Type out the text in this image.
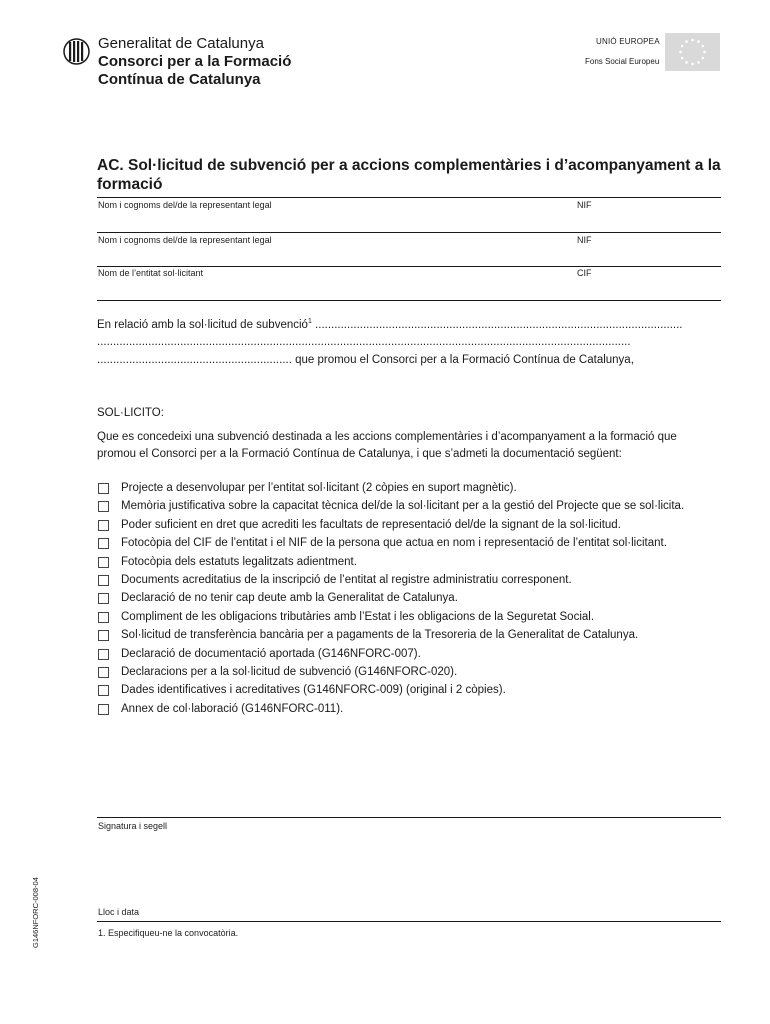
Generalitat de Catalunya
Consorci per a la Formació
Contínua de Catalunya
UNIÓ EUROPEA
Fons Social Europeu
AC. Sol·licitud de subvenció per a accions complementàries i d’acompanyament a la formació
Nom i cognoms del/de la representant legal	NIF
Nom i cognoms del/de la representant legal	NIF
Nom de l’entitat sol·licitant	CIF
En relació amb la sol·licitud de subvenció$^1$ ...................................................................................................................
.......................................................................................................................................................................
............................................................. que promou el Consorci per a la Formació Contínua de Catalunya,
SOL·LICITO:
Que es concedeixi una subvenció destinada a les accions complementàries i d’acompanyament a la formació que promou el Consorci per a la Formació Contínua de Catalunya, i que s’admeti la documentació següent:
Projecte a desenvolupar per l’entitat sol·licitant (2 còpies en suport magnètic).
Memòria justificativa sobre la capacitat tècnica del/de la sol·licitant per a la gestió del Projecte que se sol·licita.
Poder suficient en dret que acrediti les facultats de representació del/de la signant de la sol·licitud.
Fotocòpia del CIF de l’entitat i el NIF de la persona que actua en nom i representació de l’entitat sol·licitant.
Fotocòpia dels estatuts legalitzats adientment.
Documents acreditatius de la inscripció de l’entitat al registre administratiu corresponent.
Declaració de no tenir cap deute amb la Generalitat de Catalunya.
Compliment de les obligacions tributàries amb l’Estat i les obligacions de la Seguretat Social.
Sol·licitud de transferència bancària per a pagaments de la Tresoreria de la Generalitat de Catalunya.
Declaració de documentació aportada (G146NFORC-007).
Declaracions per a la sol·licitud de subvenció (G146NFORC-020).
Dades identificatives i acreditatives (G146NFORC-009) (original i 2 còpies).
Annex de col·laboració (G146NFORC-011).
Signatura i segell
Lloc i data
1. Especifiqueu-ne la convocatòria.
G146NFORC-008-04
